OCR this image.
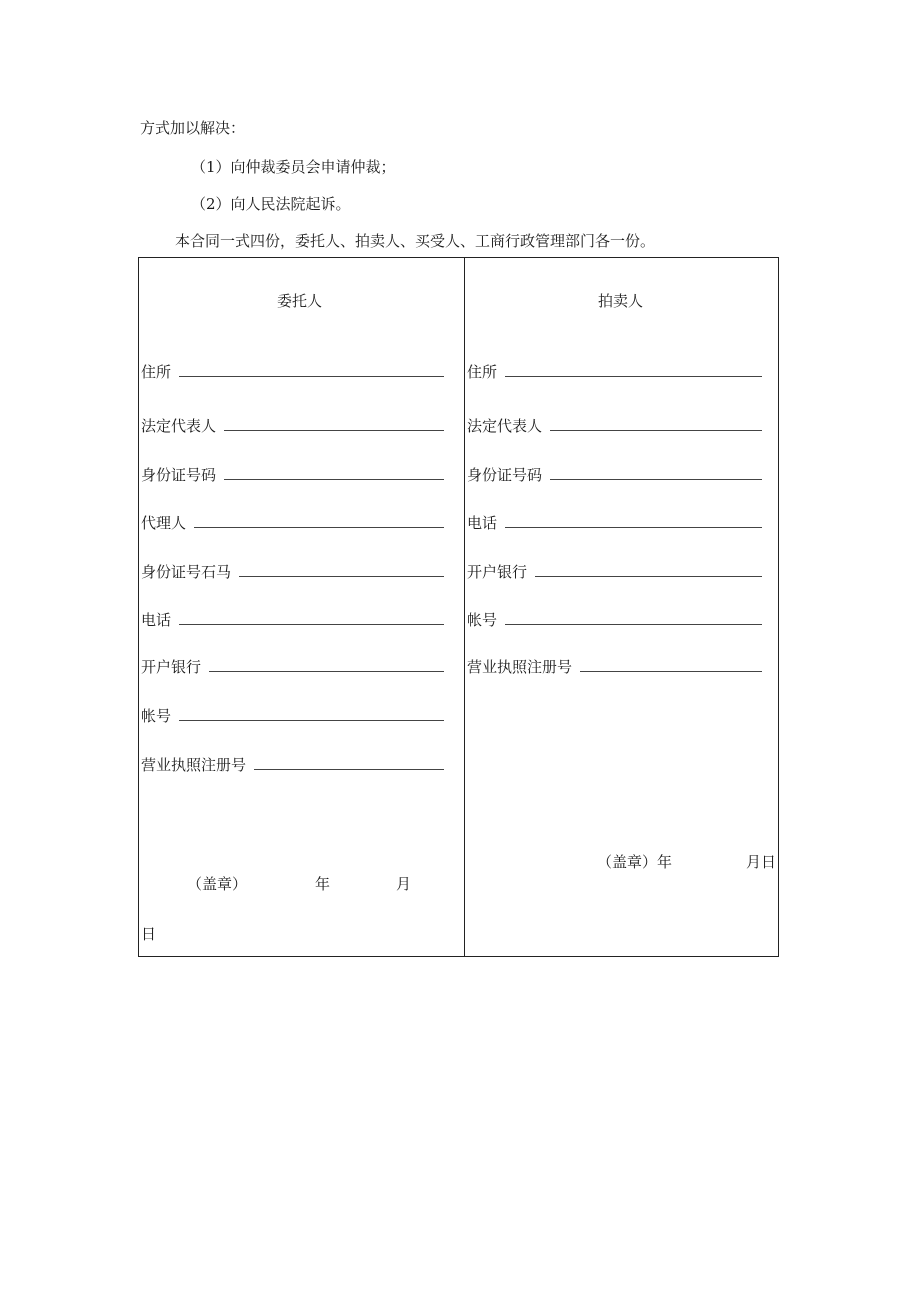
方式加以解决：
（1）向仲裁委员会申请仲裁；
（2）向人民法院起诉。
本合同一式四份，委托人、拍卖人、买受人、工商行政管理部门各一份。
委托人
住所
法定代表人
身份证号码
代理人
身份证号石马
电话
开户银行
帐号
营业执照注册号
（盖章）	年	月
日
拍卖人
住所
法定代表人
身份证号码
电话
开户银行
帐号
营业执照注册号
（盖章）年	月日
